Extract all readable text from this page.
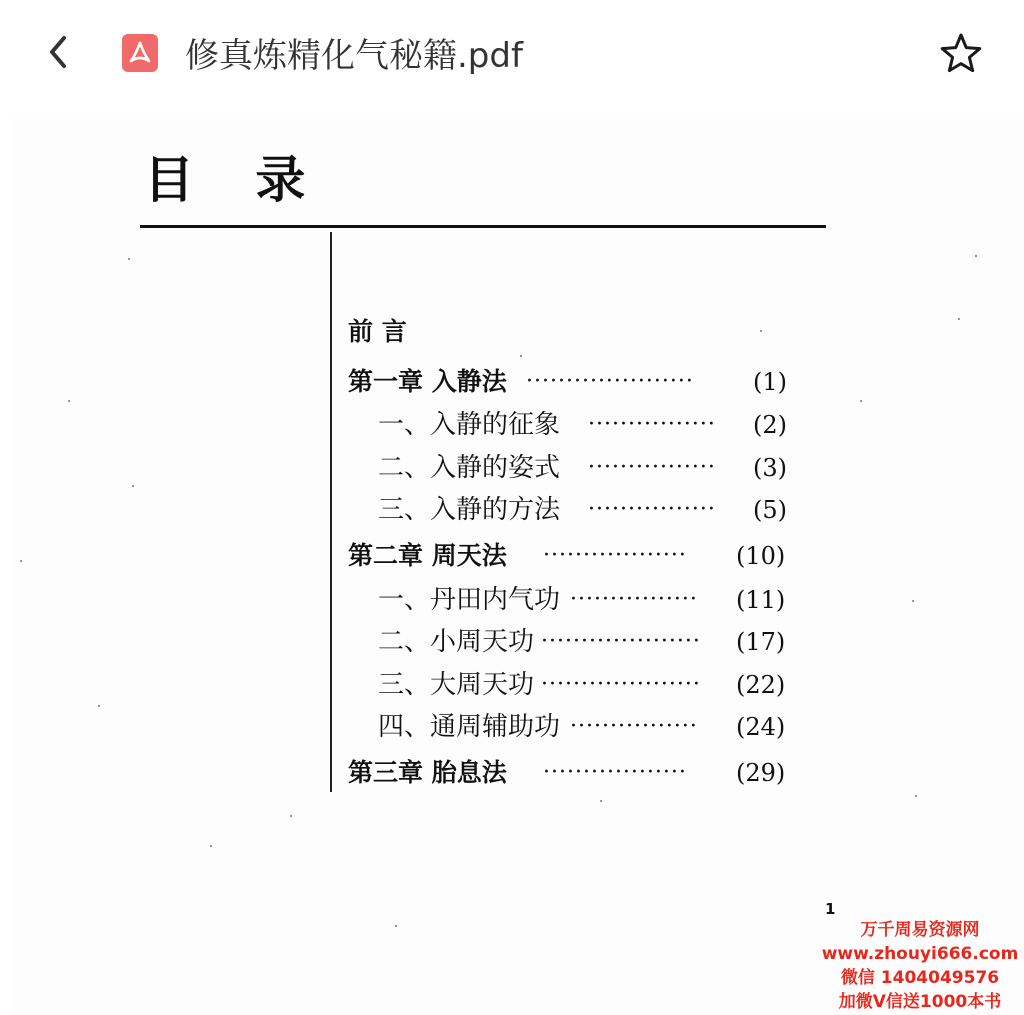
修真炼精化气秘籍.pdf
目 录
前 言
第一章 入静法 ····················· (1)
一、入静的征象 ················ (2)
二、入静的姿式 ················ (3)
三、入静的方法 ················ (5)
第二章 周天法 ·················· (10)
一、丹田内气功 ················ (11)
二、小周天功 ···················· (17)
三、大周天功 ···················· (22)
四、通周辅助功 ················ (24)
第三章 胎息法 ·················· (29)
1
万千周易资源网
www.zhouyi666.com
微信 1404049576
加微V信送1000本书
